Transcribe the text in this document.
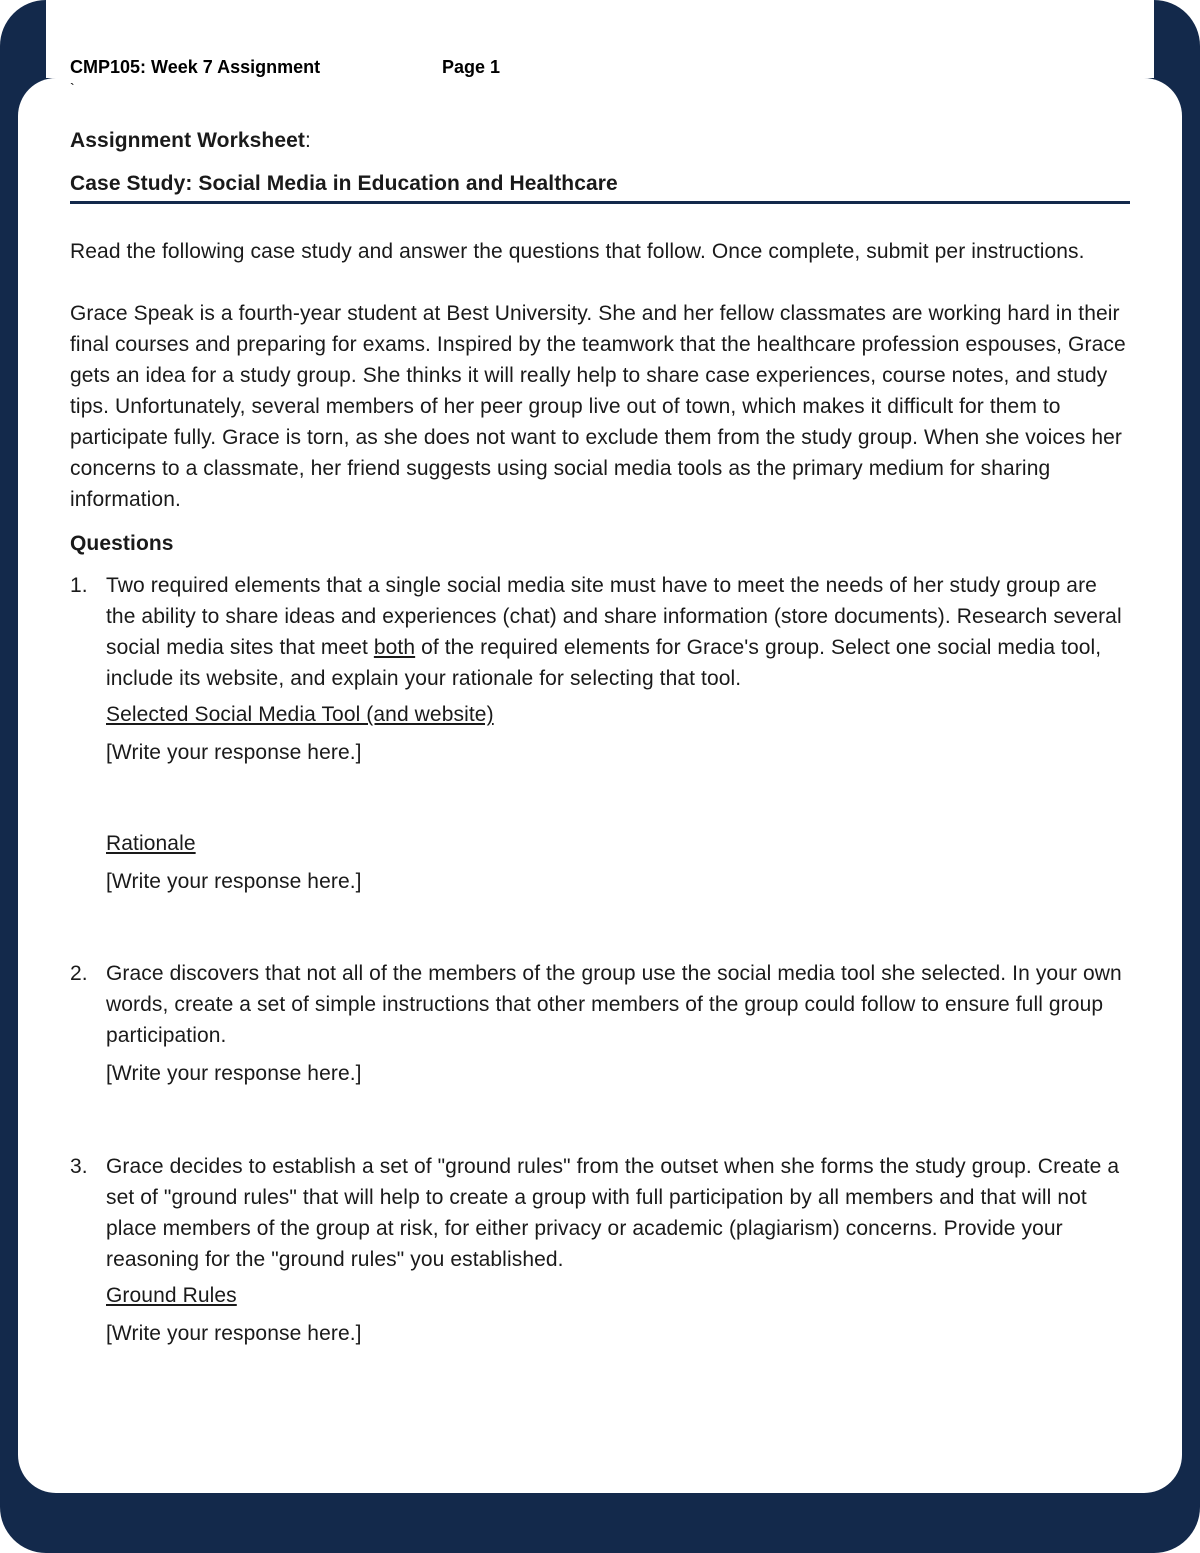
CMP105: Week 7 Assignment	Page 1
`

Assignment Worksheet:

Case Study: Social Media in Education and Healthcare

Read the following case study and answer the questions that follow. Once complete, submit per instructions.

Grace Speak is a fourth-year student at Best University. She and her fellow classmates are working hard in their final courses and preparing for exams. Inspired by the teamwork that the healthcare profession espouses, Grace gets an idea for a study group. She thinks it will really help to share case experiences, course notes, and study tips. Unfortunately, several members of her peer group live out of town, which makes it difficult for them to participate fully. Grace is torn, as she does not want to exclude them from the study group. When she voices her concerns to a classmate, her friend suggests using social media tools as the primary medium for sharing information.

Questions

1. Two required elements that a single social media site must have to meet the needs of her study group are the ability to share ideas and experiences (chat) and share information (store documents). Research several social media sites that meet both of the required elements for Grace's group. Select one social media tool, include its website, and explain your rationale for selecting that tool.

Selected Social Media Tool (and website)

[Write your response here.]

Rationale

[Write your response here.]

2. Grace discovers that not all of the members of the group use the social media tool she selected. In your own words, create a set of simple instructions that other members of the group could follow to ensure full group participation.

[Write your response here.]

3. Grace decides to establish a set of "ground rules" from the outset when she forms the study group. Create a set of "ground rules" that will help to create a group with full participation by all members and that will not place members of the group at risk, for either privacy or academic (plagiarism) concerns. Provide your reasoning for the "ground rules" you established.

Ground Rules

[Write your response here.]
